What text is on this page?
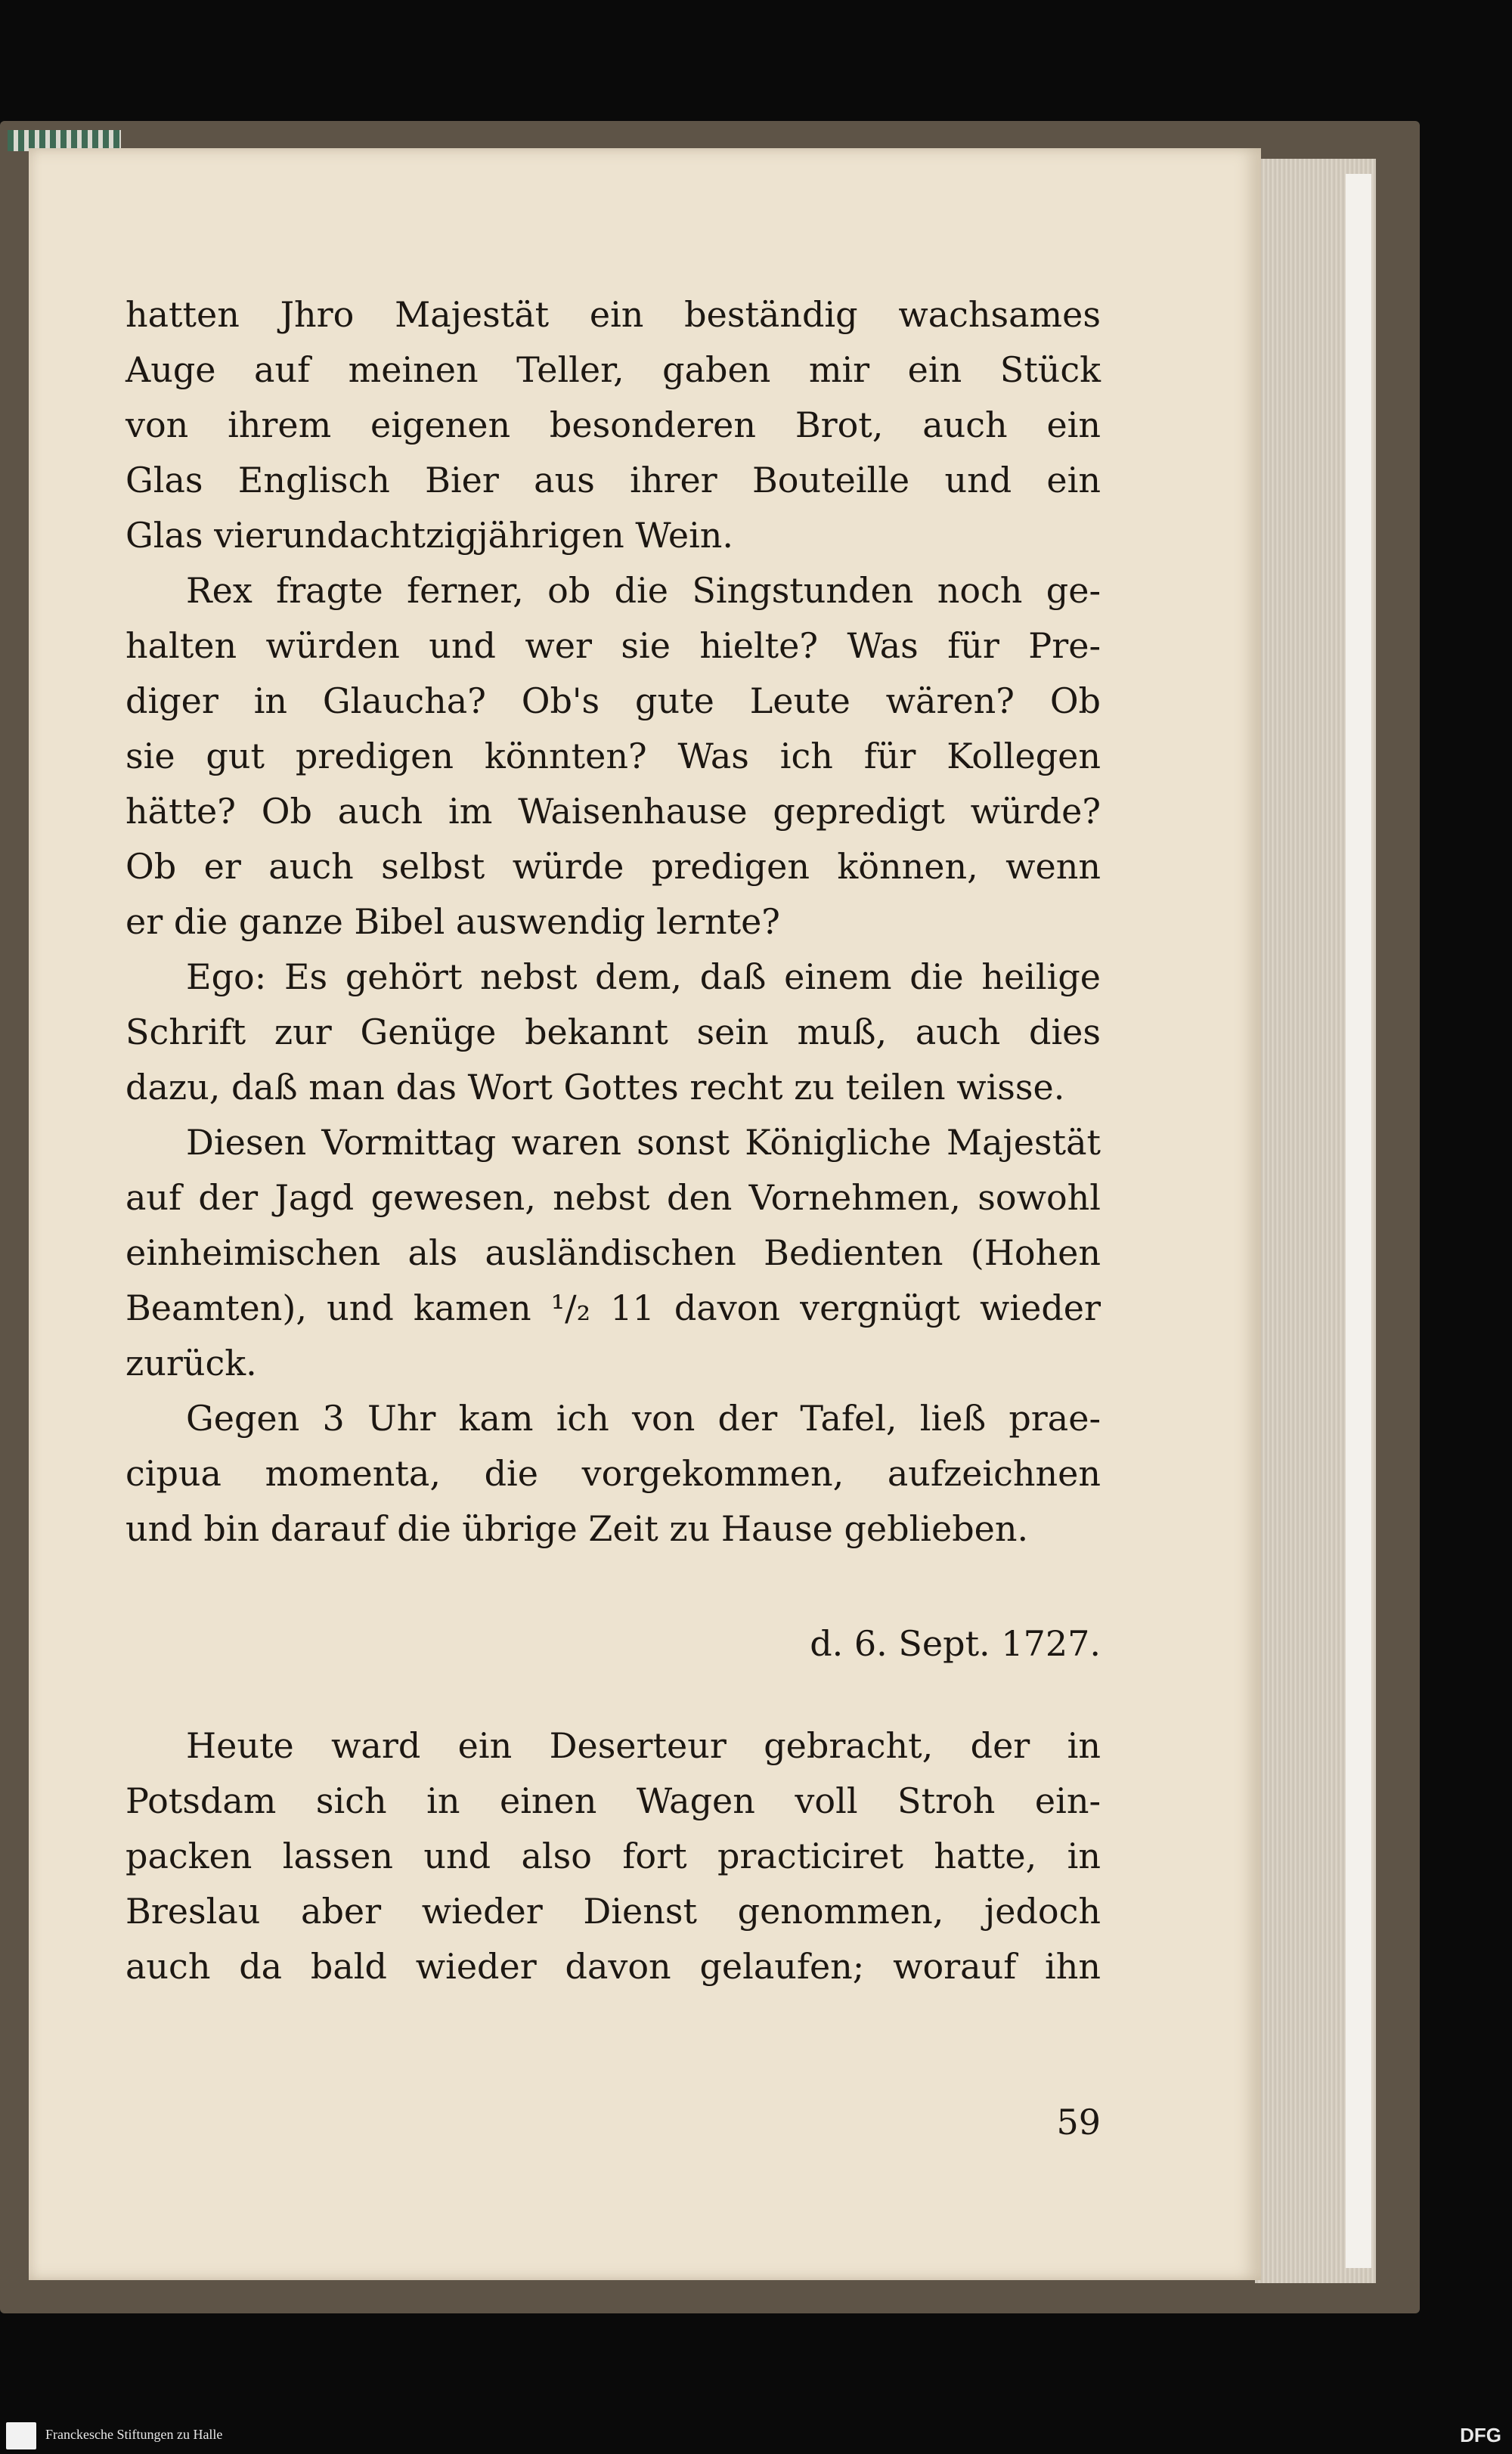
hatten Jhro Majestät ein beständig wachsames
Auge auf meinen Teller, gaben mir ein Stück
von ihrem eigenen besonderen Brot, auch ein
Glas Englisch Bier aus ihrer Bouteille und ein
Glas vierundachtzigjährigen Wein.
Rex fragte ferner, ob die Singstunden noch ge-
halten würden und wer sie hielte? Was für Pre-
diger in Glaucha? Ob's gute Leute wären? Ob
sie gut predigen könnten? Was ich für Kollegen
hätte? Ob auch im Waisenhause gepredigt würde?
Ob er auch selbst würde predigen können, wenn
er die ganze Bibel auswendig lernte?
Ego: Es gehört nebst dem, daß einem die heilige
Schrift zur Genüge bekannt sein muß, auch dies
dazu, daß man das Wort Gottes recht zu teilen wisse.
Diesen Vormittag waren sonst Königliche Majestät
auf der Jagd gewesen, nebst den Vornehmen, sowohl
einheimischen als ausländischen Bedienten (Hohen
Beamten), und kamen ¹/₂ 11 davon vergnügt wieder
zurück.
Gegen 3 Uhr kam ich von der Tafel, ließ prae-
cipua momenta, die vorgekommen, aufzeichnen
und bin darauf die übrige Zeit zu Hause geblieben.
d. 6. Sept. 1727.
Heute ward ein Deserteur gebracht, der in
Potsdam sich in einen Wagen voll Stroh ein-
packen lassen und also fort practiciret hatte, in
Breslau aber wieder Dienst genommen, jedoch
auch da bald wieder davon gelaufen; worauf ihn
59
Franckesche Stiftungen zu Halle	DFG
